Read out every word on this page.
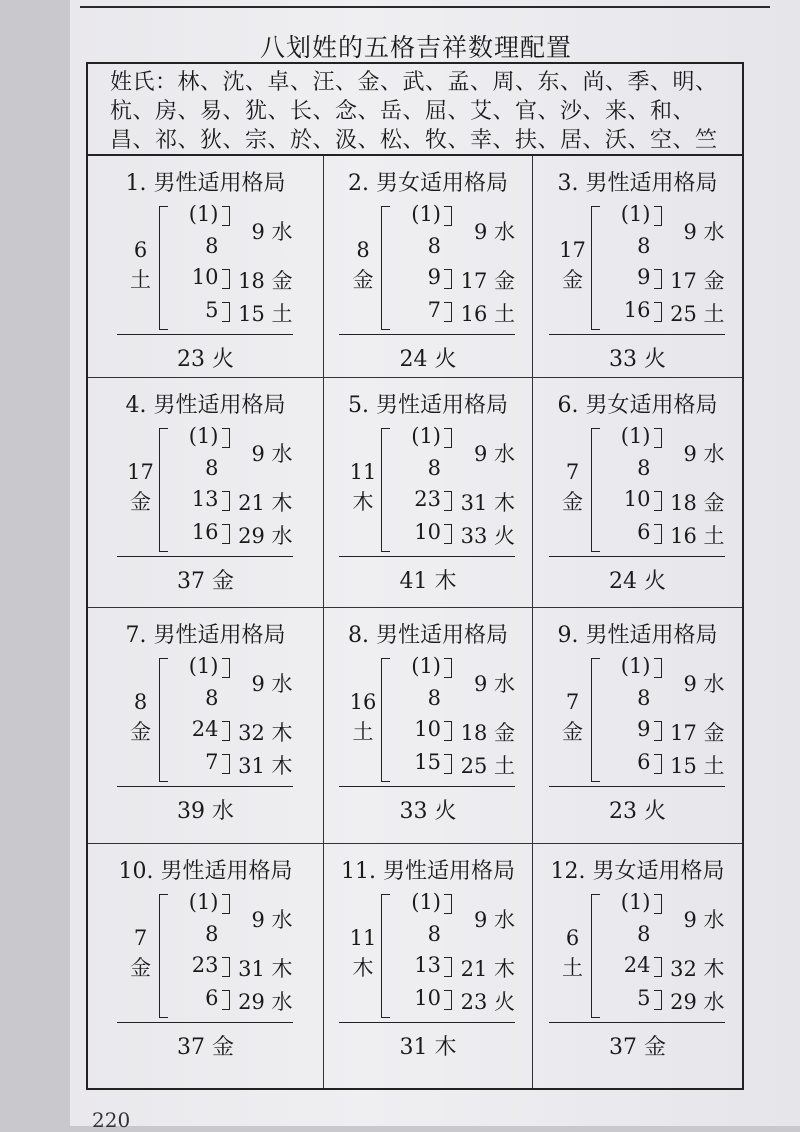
八划姓的五格吉祥数理配置
姓氏：林、沈、卓、汪、金、武、孟、周、东、尚、季、明、杭、房、易、犹、长、念、岳、屈、艾、官、沙、来、和、昌、祁、狄、宗、於、汲、松、牧、幸、扶、居、沃、空、竺
1. 男性适用格局
6
土
(1)
8
10
5
9 水
18 金
15 土
23 火
2. 男女适用格局
8
金
(1)
8
9
7
9 水
17 金
16 土
24 火
3. 男性适用格局
17
金
(1)
8
9
16
9 水
17 金
25 土
33 火
4. 男性适用格局
17
金
(1)
8
13
16
9 水
21 木
29 水
37 金
5. 男性适用格局
11
木
(1)
8
23
10
9 水
31 木
33 火
41 木
6. 男女适用格局
7
金
(1)
8
10
6
9 水
18 金
16 土
24 火
7. 男性适用格局
8
金
(1)
8
24
7
9 水
32 木
31 木
39 水
8. 男性适用格局
16
土
(1)
8
10
15
9 水
18 金
25 土
33 火
9. 男性适用格局
7
金
(1)
8
9
6
9 水
17 金
15 土
23 火
10. 男性适用格局
7
金
(1)
8
23
6
9 水
31 木
29 水
37 金
11. 男性适用格局
11
木
(1)
8
13
10
9 水
21 木
23 火
31 木
12. 男女适用格局
6
土
(1)
8
24
5
9 水
32 木
29 水
37 金
220
